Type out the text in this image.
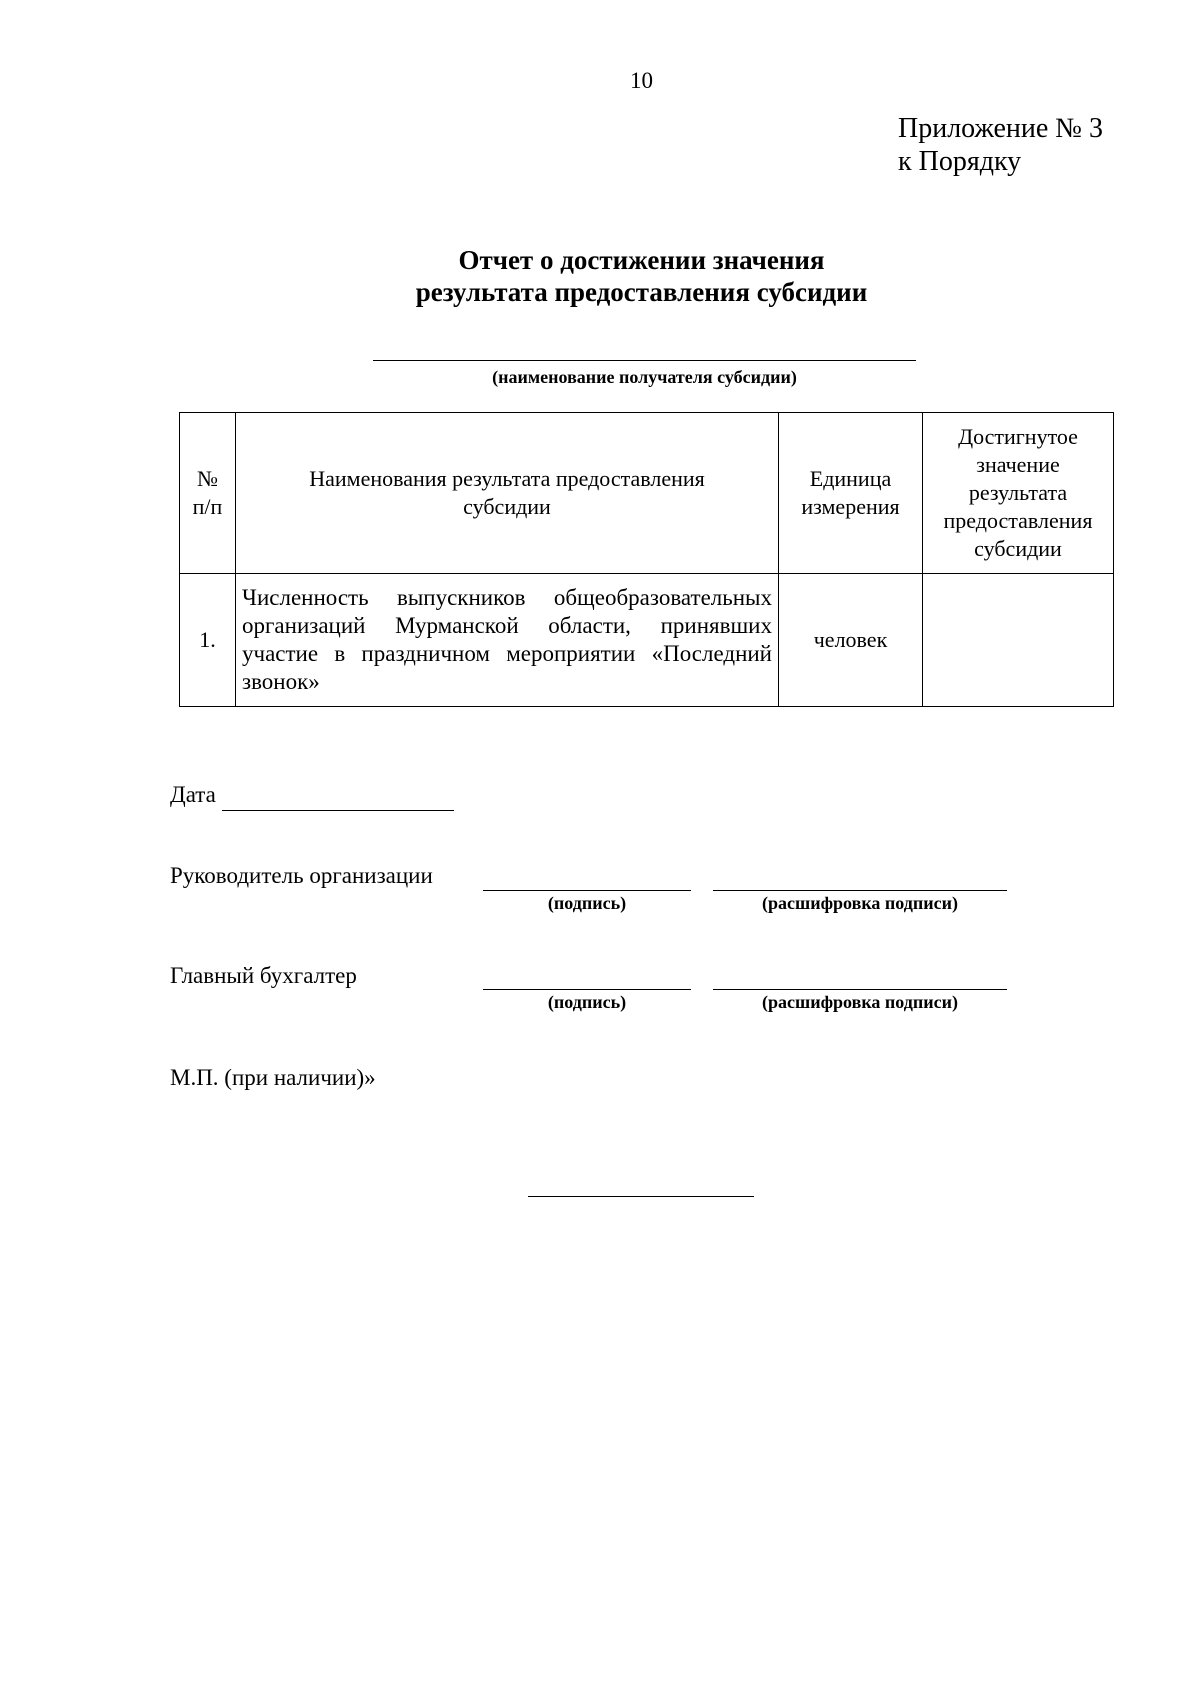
10
Приложение № 3
к Порядку
Отчет о достижении значения
результата предоставления субсидии
(наименование получателя субсидии)
№ п/п	Наименования результата предоставления субсидии	Единица измерения	Достигнутое значение результата предоставления субсидии
1.	Численность выпускников общеобразовательных организаций Мурманской области, принявших участие в праздничном мероприятии «Последний звонок»	человек	
Дата
Руководитель организации
(подпись)	(расшифровка подписи)
Главный бухгалтер
(подпись)	(расшифровка подписи)
М.П. (при наличии)»
